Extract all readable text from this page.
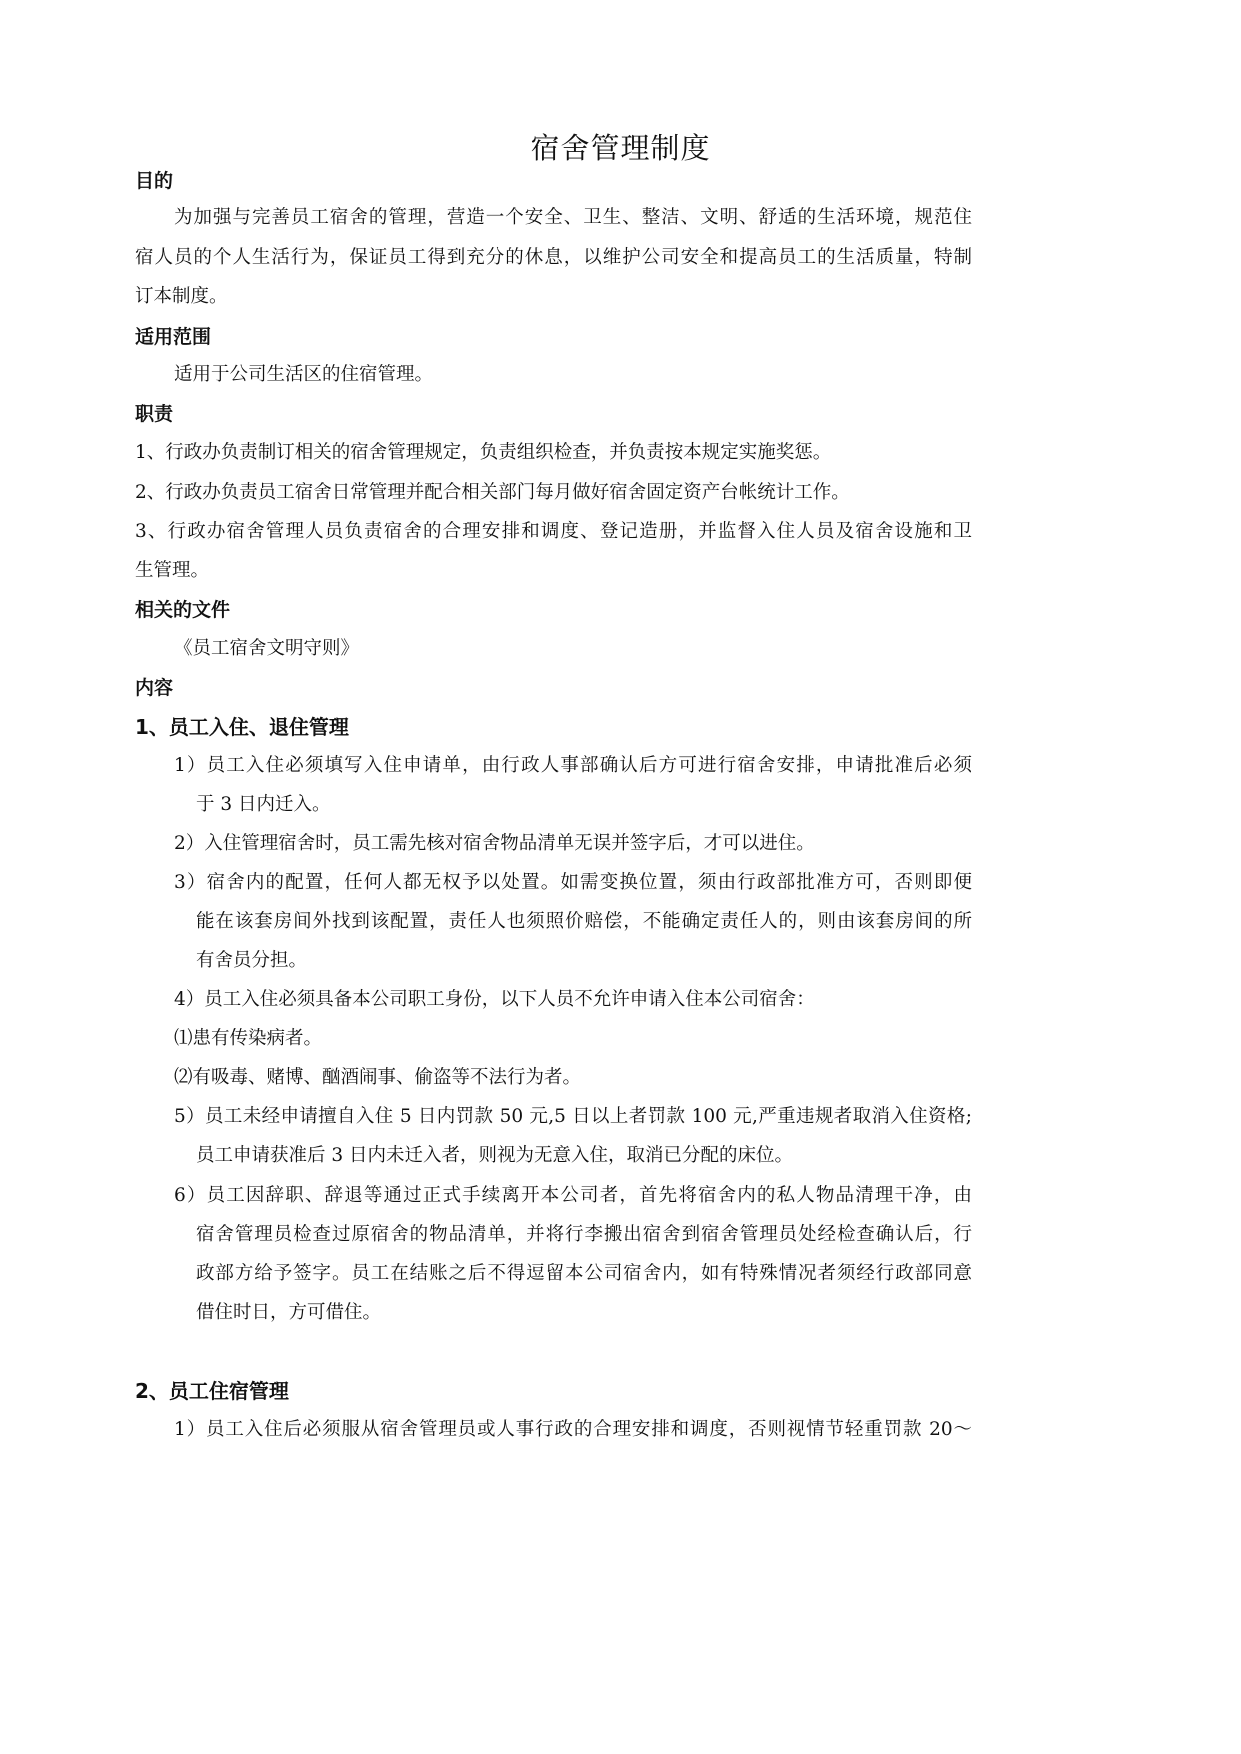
宿舍管理制度
目的
为加强与完善员工宿舍的管理，营造一个安全、卫生、整洁、文明、舒适的生活环境，规范住
宿人员的个人生活行为，保证员工得到充分的休息，以维护公司安全和提高员工的生活质量，特制
订本制度。
适用范围
适用于公司生活区的住宿管理。
职责
1、行政办负责制订相关的宿舍管理规定，负责组织检查，并负责按本规定实施奖惩。
2、行政办负责员工宿舍日常管理并配合相关部门每月做好宿舍固定资产台帐统计工作。
3、行政办宿舍管理人员负责宿舍的合理安排和调度、登记造册，并监督入住人员及宿舍设施和卫
生管理。
相关的文件
《员工宿舍文明守则》
内容
1、员工入住、退住管理
1）员工入住必须填写入住申请单，由行政人事部确认后方可进行宿舍安排，申请批准后必须
于 3 日内迁入。
2）入住管理宿舍时，员工需先核对宿舍物品清单无误并签字后，才可以进住。
3）宿舍内的配置，任何人都无权予以处置。如需变换位置，须由行政部批准方可，否则即便
能在该套房间外找到该配置，责任人也须照价赔偿，不能确定责任人的，则由该套房间的所
有舍员分担。
4）员工入住必须具备本公司职工身份，以下人员不允许申请入住本公司宿舍：
⑴患有传染病者。
⑵有吸毒、赌博、酗酒闹事、偷盗等不法行为者。
5）员工未经申请擅自入住 5 日内罚款 50 元,5 日以上者罚款 100 元,严重违规者取消入住资格;
员工申请获准后 3 日内未迁入者，则视为无意入住，取消已分配的床位。
6）员工因辞职、辞退等通过正式手续离开本公司者，首先将宿舍内的私人物品清理干净，由
宿舍管理员检查过原宿舍的物品清单，并将行李搬出宿舍到宿舍管理员处经检查确认后，行
政部方给予签字。员工在结账之后不得逗留本公司宿舍内，如有特殊情况者须经行政部同意
借住时日，方可借住。
2、员工住宿管理
1）员工入住后必须服从宿舍管理员或人事行政的合理安排和调度，否则视情节轻重罚款 20～
